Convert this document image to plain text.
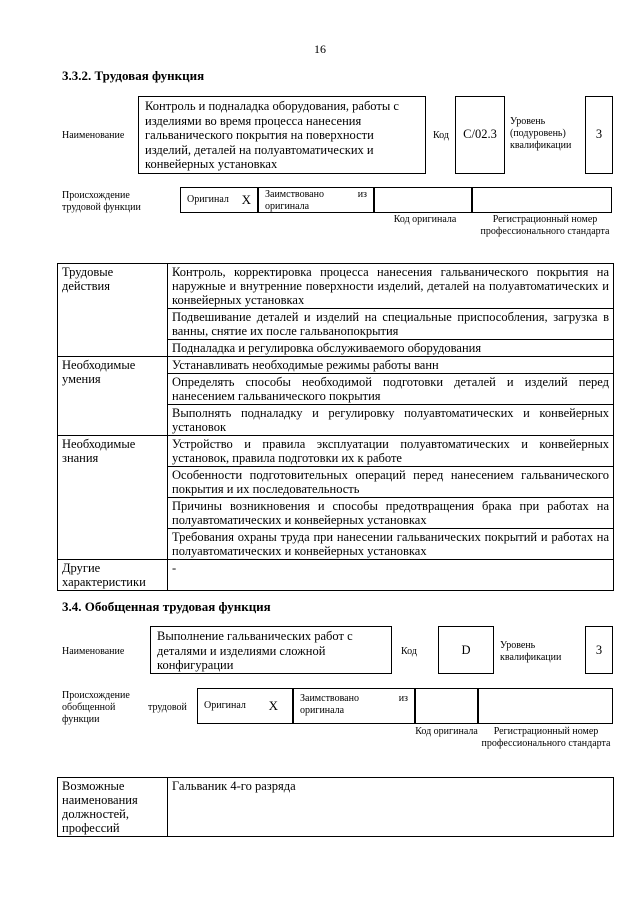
16
3.3.2. Трудовая функция
Наименование
Контроль и подналадка оборудования, работы с изделиями во время процесса нанесения гальванического покрытия на поверхности изделий, деталей на полуавтоматических и конвейерных установках
Код	C/02.3
Уровень (подуровень) квалификации
3
Происхождение трудовой функции
Оригинал X	Заимствовано из оригинала
Код оригинала	Регистрационный номер профессионального стандарта
Трудовые действия	Контроль, корректировка процесса нанесения гальванического покрытия на наружные и внутренние поверхности изделий, деталей на полуавтоматических и конвейерных установках
	Подвешивание деталей и изделий на специальные приспособления, загрузка в ванны, снятие их после гальванопокрытия
	Подналадка и регулировка обслуживаемого оборудования
Необходимые умения	Устанавливать необходимые режимы работы ванн
	Определять способы необходимой подготовки деталей и изделий перед нанесением гальванического покрытия
	Выполнять подналадку и регулировку полуавтоматических и конвейерных установок
Необходимые знания	Устройство и правила эксплуатации полуавтоматических и конвейерных установок, правила подготовки их к работе
	Особенности подготовительных операций перед нанесением гальванического покрытия и их последовательность
	Причины возникновения и способы предотвращения брака при работах на полуавтоматических и конвейерных установках
	Требования охраны труда при нанесении гальванических покрытий и работах на полуавтоматических и конвейерных установках
Другие характеристики	-
3.4. Обобщенная трудовая функция
Наименование
Выполнение гальванических работ с деталями и изделиями сложной конфигурации
Код	D	Уровень квалификации
3
Происхождение обобщенной функции
трудовой	Оригинал X	Заимствовано из оригинала
Код оригинала	Регистрационный номер профессионального стандарта
Возможные наименования должностей, профессий	Гальваник 4-го разряда
